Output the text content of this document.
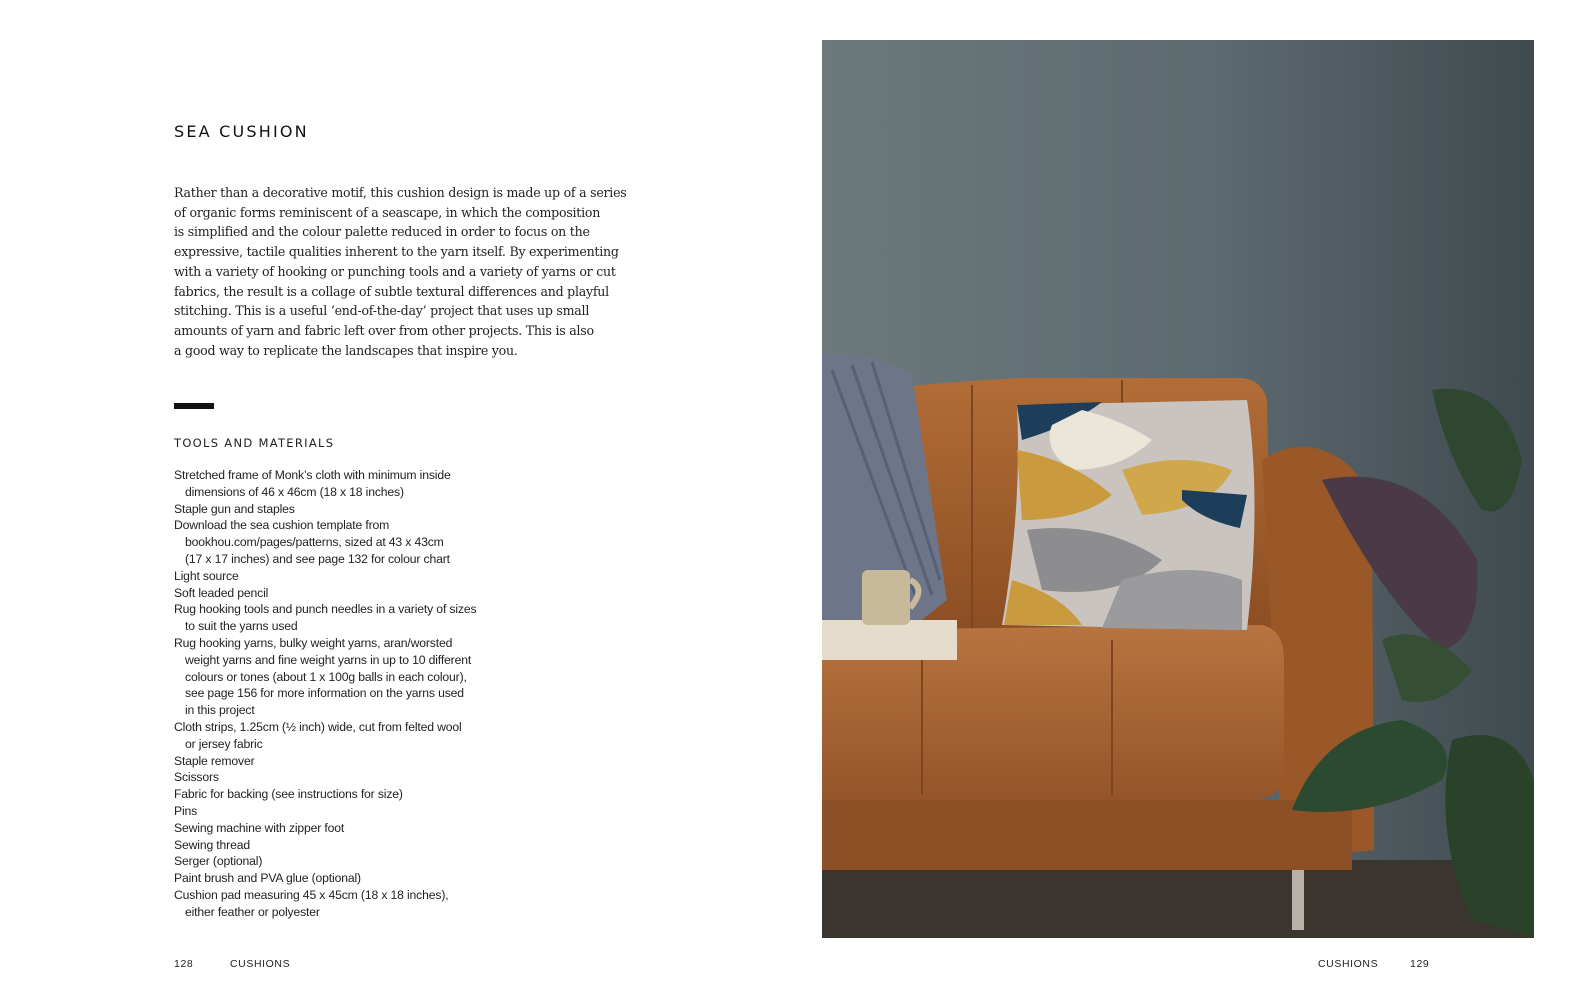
SEA CUSHION

Rather than a decorative motif, this cushion design is made up of a series
of organic forms reminiscent of a seascape, in which the composition
is simplified and the colour palette reduced in order to focus on the
expressive, tactile qualities inherent to the yarn itself. By experimenting
with a variety of hooking or punching tools and a variety of yarns or cut
fabrics, the result is a collage of subtle textural differences and playful
stitching. This is a useful ‘end-of-the-day’ project that uses up small
amounts of yarn and fabric left over from other projects. This is also
a good way to replicate the landscapes that inspire you.

TOOLS AND MATERIALS
Stretched frame of Monk’s cloth with minimum inside
dimensions of 46 x 46cm (18 x 18 inches)
Staple gun and staples
Download the sea cushion template from
bookhou.com/pages/patterns, sized at 43 x 43cm
(17 x 17 inches) and see page 132 for colour chart
Light source
Soft leaded pencil
Rug hooking tools and punch needles in a variety of sizes
to suit the yarns used
Rug hooking yarns, bulky weight yarns, aran/worsted
weight yarns and fine weight yarns in up to 10 different
colours or tones (about 1 x 100g balls in each colour),
see page 156 for more information on the yarns used
in this project
Cloth strips, 1.25cm (½ inch) wide, cut from felted wool
or jersey fabric
Staple remover
Scissors
Fabric for backing (see instructions for size)
Pins
Sewing machine with zipper foot
Sewing thread
Serger (optional)
Paint brush and PVA glue (optional)
Cushion pad measuring 45 x 45cm (18 x 18 inches),
either feather or polyester
128	CUSHIONS	CUSHIONS	129
